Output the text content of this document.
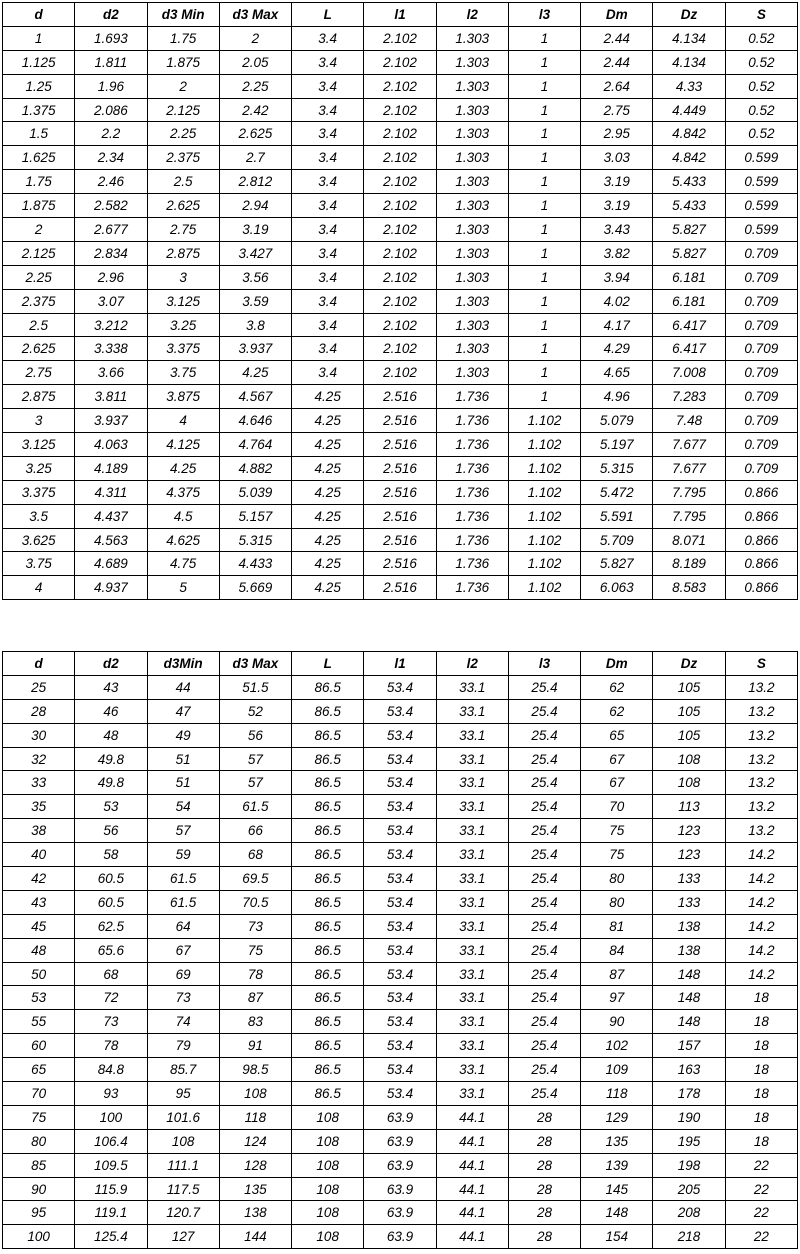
d	d2	d3 Min	d3 Max	L	l1	l2	l3	Dm	Dz	S
1	1.693	1.75	2	3.4	2.102	1.303	1	2.44	4.134	0.52
1.125	1.811	1.875	2.05	3.4	2.102	1.303	1	2.44	4.134	0.52
1.25	1.96	2	2.25	3.4	2.102	1.303	1	2.64	4.33	0.52
1.375	2.086	2.125	2.42	3.4	2.102	1.303	1	2.75	4.449	0.52
1.5	2.2	2.25	2.625	3.4	2.102	1.303	1	2.95	4.842	0.52
1.625	2.34	2.375	2.7	3.4	2.102	1.303	1	3.03	4.842	0.599
1.75	2.46	2.5	2.812	3.4	2.102	1.303	1	3.19	5.433	0.599
1.875	2.582	2.625	2.94	3.4	2.102	1.303	1	3.19	5.433	0.599
2	2.677	2.75	3.19	3.4	2.102	1.303	1	3.43	5.827	0.599
2.125	2.834	2.875	3.427	3.4	2.102	1.303	1	3.82	5.827	0.709
2.25	2.96	3	3.56	3.4	2.102	1.303	1	3.94	6.181	0.709
2.375	3.07	3.125	3.59	3.4	2.102	1.303	1	4.02	6.181	0.709
2.5	3.212	3.25	3.8	3.4	2.102	1.303	1	4.17	6.417	0.709
2.625	3.338	3.375	3.937	3.4	2.102	1.303	1	4.29	6.417	0.709
2.75	3.66	3.75	4.25	3.4	2.102	1.303	1	4.65	7.008	0.709
2.875	3.811	3.875	4.567	4.25	2.516	1.736	1	4.96	7.283	0.709
3	3.937	4	4.646	4.25	2.516	1.736	1.102	5.079	7.48	0.709
3.125	4.063	4.125	4.764	4.25	2.516	1.736	1.102	5.197	7.677	0.709
3.25	4.189	4.25	4.882	4.25	2.516	1.736	1.102	5.315	7.677	0.709
3.375	4.311	4.375	5.039	4.25	2.516	1.736	1.102	5.472	7.795	0.866
3.5	4.437	4.5	5.157	4.25	2.516	1.736	1.102	5.591	7.795	0.866
3.625	4.563	4.625	5.315	4.25	2.516	1.736	1.102	5.709	8.071	0.866
3.75	4.689	4.75	4.433	4.25	2.516	1.736	1.102	5.827	8.189	0.866
4	4.937	5	5.669	4.25	2.516	1.736	1.102	6.063	8.583	0.866
d	d2	d3Min	d3 Max	L	l1	l2	l3	Dm	Dz	S
25	43	44	51.5	86.5	53.4	33.1	25.4	62	105	13.2
28	46	47	52	86.5	53.4	33.1	25.4	62	105	13.2
30	48	49	56	86.5	53.4	33.1	25.4	65	105	13.2
32	49.8	51	57	86.5	53.4	33.1	25.4	67	108	13.2
33	49.8	51	57	86.5	53.4	33.1	25.4	67	108	13.2
35	53	54	61.5	86.5	53.4	33.1	25.4	70	113	13.2
38	56	57	66	86.5	53.4	33.1	25.4	75	123	13.2
40	58	59	68	86.5	53.4	33.1	25.4	75	123	14.2
42	60.5	61.5	69.5	86.5	53.4	33.1	25.4	80	133	14.2
43	60.5	61.5	70.5	86.5	53.4	33.1	25.4	80	133	14.2
45	62.5	64	73	86.5	53.4	33.1	25.4	81	138	14.2
48	65.6	67	75	86.5	53.4	33.1	25.4	84	138	14.2
50	68	69	78	86.5	53.4	33.1	25.4	87	148	14.2
53	72	73	87	86.5	53.4	33.1	25.4	97	148	18
55	73	74	83	86.5	53.4	33.1	25.4	90	148	18
60	78	79	91	86.5	53.4	33.1	25.4	102	157	18
65	84.8	85.7	98.5	86.5	53.4	33.1	25.4	109	163	18
70	93	95	108	86.5	53.4	33.1	25.4	118	178	18
75	100	101.6	118	108	63.9	44.1	28	129	190	18
80	106.4	108	124	108	63.9	44.1	28	135	195	18
85	109.5	111.1	128	108	63.9	44.1	28	139	198	22
90	115.9	117.5	135	108	63.9	44.1	28	145	205	22
95	119.1	120.7	138	108	63.9	44.1	28	148	208	22
100	125.4	127	144	108	63.9	44.1	28	154	218	22
